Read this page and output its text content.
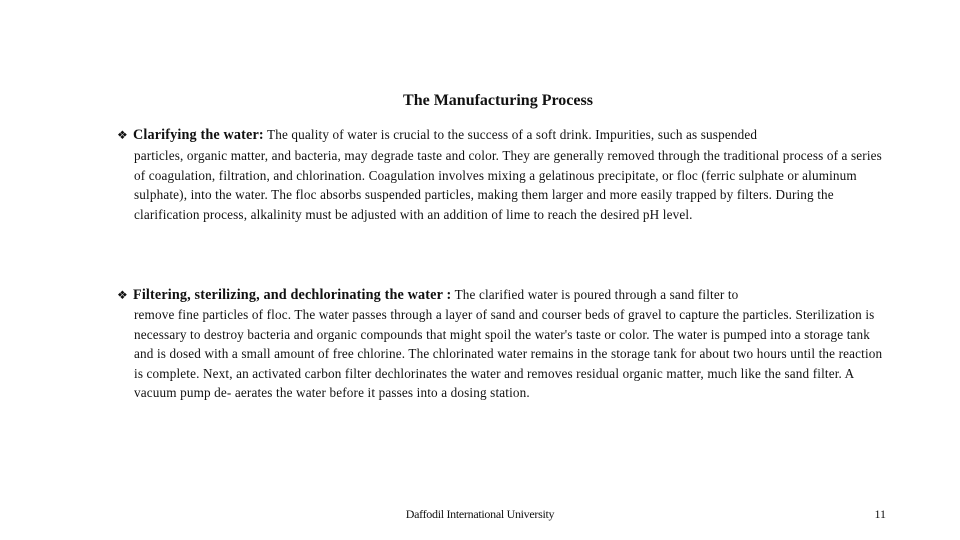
The Manufacturing Process
❖ Clarifying the water: The quality of water is crucial to the success of a soft drink. Impurities, such as suspended
particles, organic matter, and bacteria, may degrade taste and color. They are generally removed through the traditional process of a series of coagulation, filtration, and chlorination. Coagulation involves mixing a gelatinous precipitate, or floc (ferric sulphate or aluminum sulphate), into the water. The floc absorbs suspended particles, making them larger and more easily trapped by filters. During the clarification process, alkalinity must be adjusted with an addition of lime to reach the desired pH level.
❖ Filtering, sterilizing, and dechlorinating the water : The clarified water is poured through a sand filter to
remove fine particles of floc. The water passes through a layer of sand and courser beds of gravel to capture the particles. Sterilization is necessary to destroy bacteria and organic compounds that might spoil the water's taste or color. The water is pumped into a storage tank and is dosed with a small amount of free chlorine. The chlorinated water remains in the storage tank for about two hours until the reaction is complete. Next, an activated carbon filter dechlorinates the water and removes residual organic matter, much like the sand filter. A vacuum pump de- aerates the water before it passes into a dosing station.
Daffodil International University	11
